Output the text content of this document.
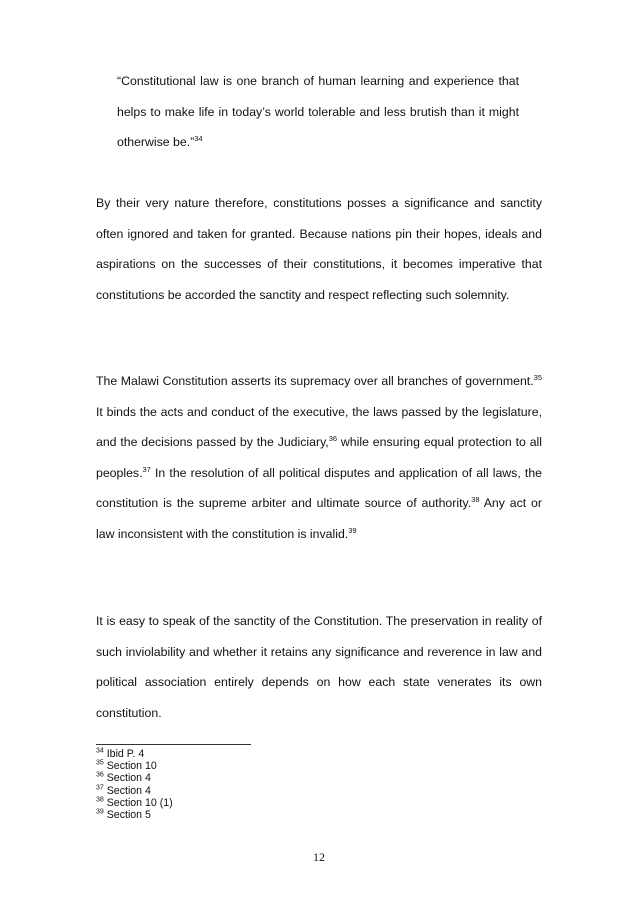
“Constitutional law is one branch of human learning and experience that helps to make life in today’s world tolerable and less brutish than it might otherwise be.”$^{34}$

By their very nature therefore, constitutions posses a significance and sanctity often ignored and taken for granted. Because nations pin their hopes, ideals and aspirations on the successes of their constitutions, it becomes imperative that constitutions be accorded the sanctity and respect reflecting such solemnity.

The Malawi Constitution asserts its supremacy over all branches of government.$^{35}$ It binds the acts and conduct of the executive, the laws passed by the legislature, and the decisions passed by the Judiciary,$^{36}$ while ensuring equal protection to all peoples.$^{37}$ In the resolution of all political disputes and application of all laws, the constitution is the supreme arbiter and ultimate source of authority.$^{38}$ Any act or law inconsistent with the constitution is invalid.$^{39}$

It is easy to speak of the sanctity of the Constitution. The preservation in reality of such inviolability and whether it retains any significance and reverence in law and political association entirely depends on how each state venerates its own constitution.

$^{34}$ Ibid P. 4
$^{35}$ Section 10
$^{36}$ Section 4
$^{37}$ Section 4
$^{38}$ Section 10 (1)
$^{39}$ Section 5
12
